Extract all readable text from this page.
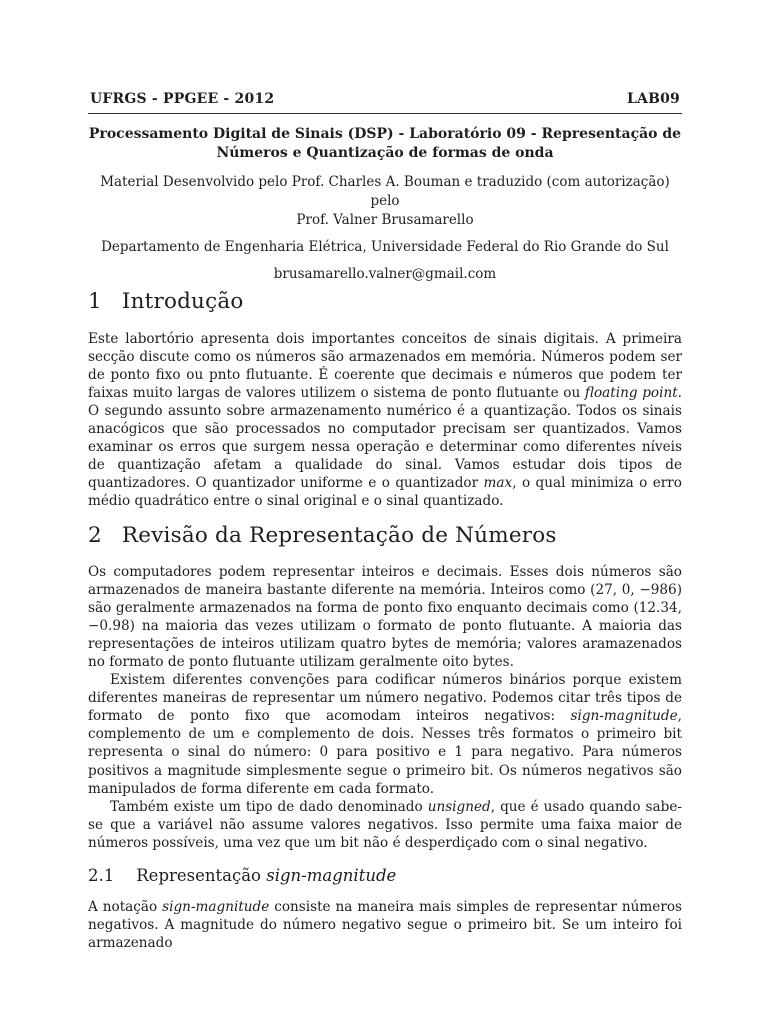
UFRGS - PPGEE - 2012	LAB09
Processamento Digital de Sinais (DSP) - Laboratório 09 - Representação de
Números e Quantização de formas de onda
Material Desenvolvido pelo Prof. Charles A. Bouman e traduzido (com autorização) pelo
Prof. Valner Brusamarello
Departamento de Engenharia Elétrica, Universidade Federal do Rio Grande do Sul
brusamarello.valner@gmail.com
1 Introdução

Este labortório apresenta dois importantes conceitos de sinais digitais. A primeira secção discute como os números são armazenados em memória. Números podem ser de ponto fixo ou pnto flutuante. É coerente que decimais e números que podem ter faixas muito largas de valores utilizem o sistema de ponto flutuante ou floating point. O segundo assunto sobre armazenamento numérico é a quantização. Todos os sinais anacógicos que são processados no computador precisam ser quantizados. Vamos examinar os erros que surgem nessa operação e determinar como diferentes níveis de quantização afetam a qualidade do sinal. Vamos estudar dois tipos de quantizadores. O quantizador uniforme e o quantizador max, o qual minimiza o erro médio quadrático entre o sinal original e o sinal quantizado.

2 Revisão da Representação de Números

Os computadores podem representar inteiros e decimais. Esses dois números são armazenados de maneira bastante diferente na memória. Inteiros como (27, 0, −986) são geralmente armazenados na forma de ponto fixo enquanto decimais como (12.34, −0.98) na maioria das vezes utilizam o formato de ponto flutuante. A maioria das representações de inteiros utilizam quatro bytes de memória; valores aramazenados no formato de ponto flutuante utilizam geralmente oito bytes.

Existem diferentes convenções para codificar números binários porque existem diferentes maneiras de representar um número negativo. Podemos citar três tipos de formato de ponto fixo que acomodam inteiros negativos: sign-magnitude, complemento de um e complemento de dois. Nesses três formatos o primeiro bit representa o sinal do número: 0 para positivo e 1 para negativo. Para números positivos a magnitude simplesmente segue o primeiro bit. Os números negativos são manipulados de forma diferente em cada formato.

Também existe um tipo de dado denominado unsigned, que é usado quando sabe-se que a variável não assume valores negativos. Isso permite uma faixa maior de números possíveis, uma vez que um bit não é desperdiçado com o sinal negativo.

2.1 Representação sign-magnitude

A notação sign-magnitude consiste na maneira mais simples de representar números negativos. A magnitude do número negativo segue o primeiro bit. Se um inteiro foi armazenado
